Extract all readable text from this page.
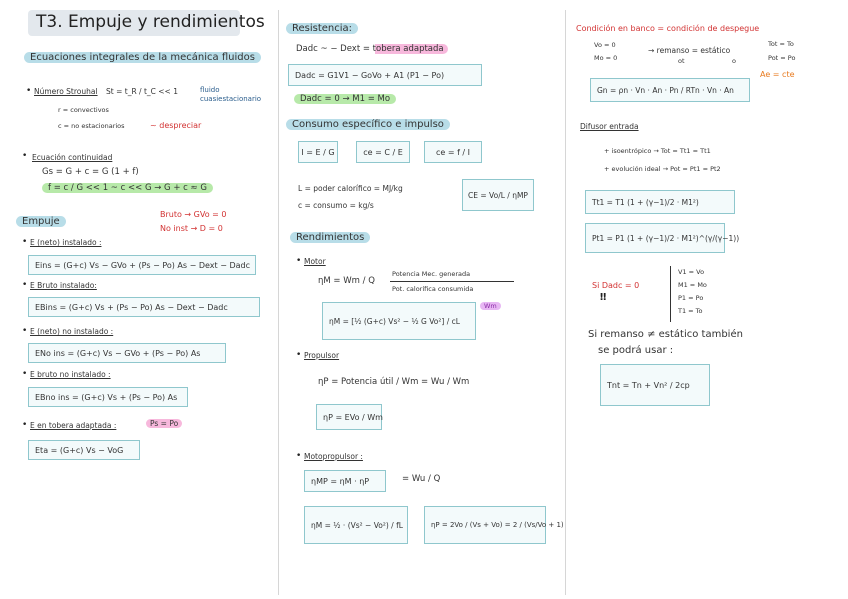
T3. Empuje y rendimientos
Ecuaciones integrales de la mecánica fluidos
• Número Strouhal St = t_R / t_C << 1	fluido cuasiestacionario
r = convectivos
c = no estacionarios	~ despreciar
• Ecuación continuidad
Gs = G + c = G (1 + f)
f = c / G << 1 ~ c << G → G + c ≈ G
Empuje
Bruto → GVo = 0
No inst → D = 0
• E (neto) instalado :
Eins = (G+c) Vs − GVo + (Ps − Po) As − Dext − Dadc
• E Bruto instalado:
EBins = (G+c) Vs + (Ps − Po) As − Dext − Dadc
• E (neto) no instalado :
ENo ins = (G+c) Vs − GVo + (Ps − Po) As
• E bruto no instalado :
EBno ins = (G+c) Vs + (Ps − Po) As
• E en tobera adaptada :	Ps = Po
Eta = (G+c) Vs − VoG
Resistencia:
Dadc ~ − Dext = tobera adaptada
Dadc = G1V1 − GoVo + A1 (P1 − Po)
Dadc = 0 → M1 = Mo
Consumo específico e impulso
I = E / G	ce = C / E	ce = f / I
L = poder calorífico = MJ/kg
c = consumo = kg/s
CE = Vo/L / ηMP
Rendimientos
• Motor
ηM = Wm / Q
Potencia Mec. generada
Pot. calorífica consumida
ηM = [½ (G+c) Vs² − ½ G Vo²] / cL
Wm
• Propulsor
ηP = Potencia útil / Wm = Wu / Wm
ηP = EVo / Wm
• Motopropulsor :
ηMP = ηM · ηP	= Wu / Q
ηM = ½ · (Vs² − Vo²) / fL	ηP = 2Vo / (Vs + Vo) = 2 / (Vs/Vo + 1)
Condición en banco = condición de despegue
Vo = 0
Mo = 0
→ remanso = estático
ot	o
Tot = To
Pot = Po
Ae = cte
Gn = ρn · Vn · An · Pn / RTn · Vn · An
Difusor entrada
+ isoentrópico → Tot = Tt1 = Tt1
+ evolución ideal → Pot = Pt1 = Pt2
Tt1 = T1 (1 + (γ−1)/2 · M1²)
Pt1 = P1 (1 + (γ−1)/2 · M1²)^(γ/(γ−1))
Si Dadc = 0
‼
V1 = Vo
M1 = Mo
P1 = Po
T1 = To
Si remanso ≠ estático también
se podrá usar :
Tnt = Tn + Vn² / 2cp
